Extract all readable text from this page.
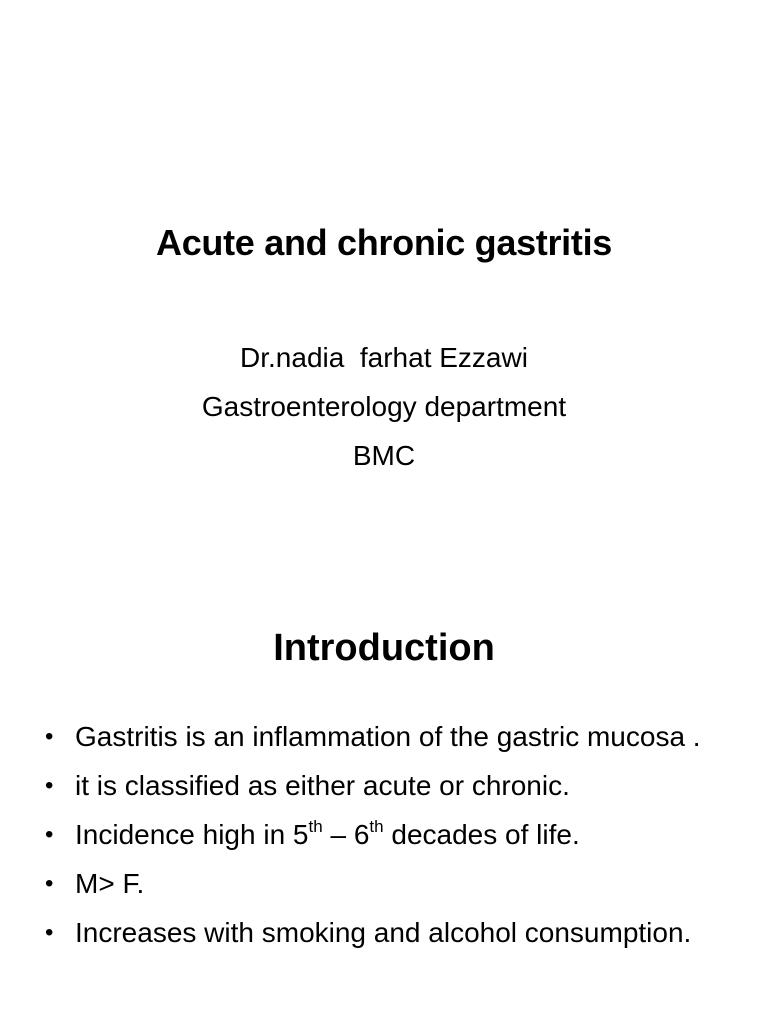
Acute and chronic gastritis
Dr.nadia  farhat Ezzawi
Gastroenterology department
BMC
Introduction
• Gastritis is an inflammation of the gastric mucosa .
• it is classified as either acute or chronic.
• Incidence high in 5th – 6th decades of life.
• M> F.
• Increases with smoking and alcohol consumption.
